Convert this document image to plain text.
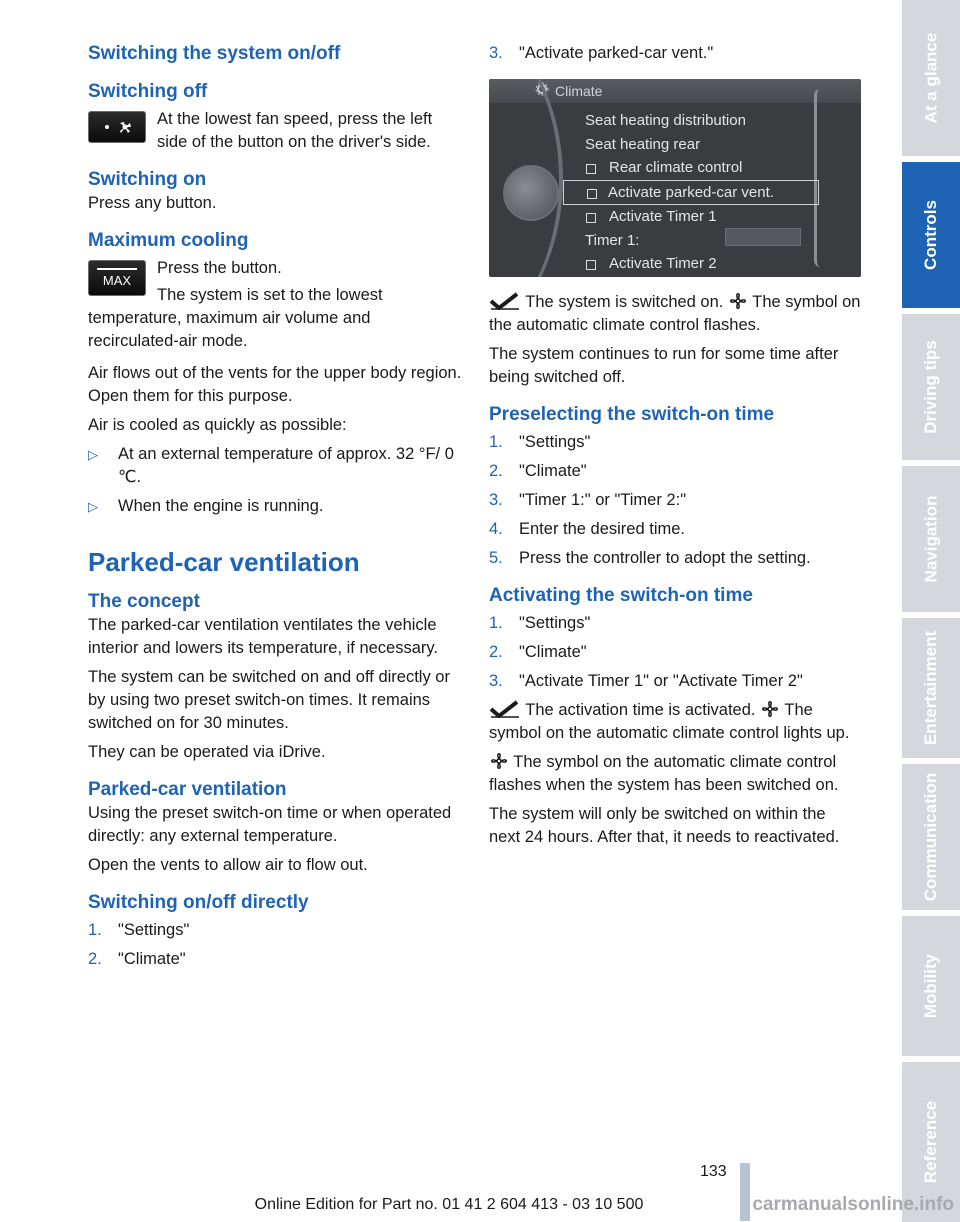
Switching the system on/off
Switching off

At the lowest fan speed, press the left side of the button on the driver's side.

Switching on

Press any button.

Maximum cooling
MAX

Press the button.

The system is set to the lowest temperature, maximum air volume and recirculated-air mode.

Air flows out of the vents for the upper body region. Open them for this purpose.

Air is cooled as quickly as possible:

▷ At an external temperature of approx. 32 °F/ 0 ℃.
▷ When the engine is running.
Parked-car ventilation
The concept

The parked-car ventilation ventilates the vehicle interior and lowers its temperature, if necessary.

The system can be switched on and off directly or by using two preset switch-on times. It remains switched on for 30 minutes.

They can be operated via iDrive.

Parked-car ventilation

Using the preset switch-on time or when operated directly: any external temperature.

Open the vents to allow air to flow out.

Switching on/off directly
1. "Settings"
2. "Climate"
3. "Activate parked-car vent."
Climate
Seat heating distribution
Seat heating rear
Rear climate control
Activate parked-car vent.
Activate Timer 1
Timer 1:
Activate Timer 2

The system is switched on. The symbol on the automatic climate control flashes.

The system continues to run for some time after being switched off.

Preselecting the switch-on time
1. "Settings"
2. "Climate"
3. "Timer 1:" or "Timer 2:"
4. Enter the desired time.
5. Press the controller to adopt the setting.
Activating the switch-on time
1. "Settings"
2. "Climate"
3. "Activate Timer 1" or "Activate Timer 2"

The activation time is activated. The symbol on the automatic climate control lights up.

The symbol on the automatic climate control flashes when the system has been switched on.

The system will only be switched on within the next 24 hours. After that, it needs to reactivated.

At a glance
Controls
Driving tips
Navigation
Entertainment
Communication
Mobility
Reference
133
Online Edition for Part no. 01 41 2 604 413 - 03 10 500	carmanualsonline.info
